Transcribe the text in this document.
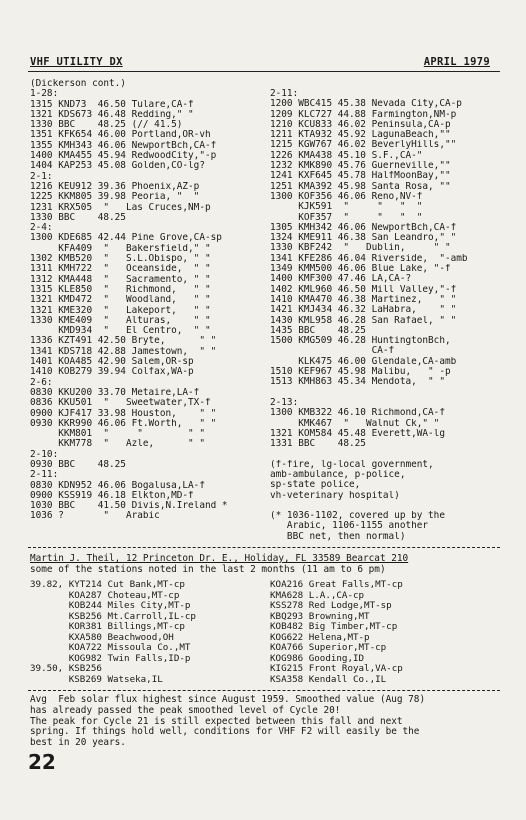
VHF UTILITY DX	APRIL 1979
(Dickerson cont.)
1-28:
1315 KND73  46.50 Tulare,CA-f
1321 KDS673 46.48 Redding," "
1330 BBC    48.25 (// 41.5)
1351 KFK654 46.00 Portland,OR-vh
1355 KMH343 46.06 NewportBch,CA-f
1400 KMA455 45.94 RedwoodCity,"-p
1404 KAP253 45.08 Golden,CO-lg?
2-1:
1216 KEU912 39.36 Phoenix,AZ-p
1225 KKM805 39.98 Peoria, "  "
1231 KRX505  "   Las Cruces,NM-p
1330 BBC    48.25
2-4:
1300 KDE685 42.44 Pine Grove,CA-sp
KFA409  "   Bakersfield," "
1302 KMB520  "   S.L.Obispo, " "
1311 KMH722  "   Oceanside,  " "
1312 KMA448  "   Sacramento, " "
1315 KLE850  "   Richmond,   " "
1321 KMD472  "   Woodland,   " "
1321 KME320  "   Lakeport,   " "
1330 KME409  "   Alturas,    " "
KMD934  "   El Centro,  " "
1336 KZT491 42.50 Bryte,      " "
1341 KDS718 42.88 Jamestown,  " "
1401 KOA485 42.90 Salem,OR-sp
1410 KOB279 39.94 Colfax,WA-p
2-6:
0830 KKU200 33.70 Metaire,LA-f
0836 KKU501  "   Sweetwater,TX-f
0900 KJF417 33.98 Houston,    " "
0930 KKR990 46.06 Ft.Worth,   " "
KKM801  "     "        " "
KKM778  "   Azle,      " "
2-10:
0930 BBC    48.25
2-11:
0830 KDN952 46.06 Bogalusa,LA-f
0900 KSS919 46.18 Elkton,MD-f
1030 BBC    41.50 Divis,N.Ireland *
1036 ?       "   Arabic
2-11:
1200 WBC415 45.38 Nevada City,CA-p
1209 KLC727 44.88 Farmington,NM-p
1210 KCU833 46.02 Peninsula,CA-p
1211 KTA932 45.92 LagunaBeach,""
1215 KGW767 46.02 BeverlyHills,""
1226 KMA438 45.10 S.F.,CA-"
1232 KMK890 45.76 Guerneville,""
1241 KXF645 45.78 HalfMoonBay,""
1251 KMA392 45.98 Santa Rosa, ""
1300 KOF356 46.06 Reno,NV-f
KJK591  "     "   "  "
KOF357  "     "   "  "
1305 KMH342 46.06 NewportBch,CA-f
1324 KME911 46.38 San Leandro," "
1330 KBF242  "   Dublin,     " "
1341 KFE286 46.04 Riverside,  "-amb
1349 KMM500 46.06 Blue Lake, "-f
1400 KMF300 47.46 LA,CA-?
1402 KML960 46.50 Mill Valley,"-f
1410 KMA470 46.38 Martinez,   " "
1421 KMJ434 46.32 LaHabra,    " "
1430 KML958 46.28 San Rafael, " "
1435 BBC    48.25
1500 KMG509 46.28 HuntingtonBch,
CA-f
KLK475 46.00 Glendale,CA-amb
1510 KEF967 45.98 Malibu,   " -p
1513 KMH863 45.34 Mendota,  " "

2-13:
1300 KMB322 46.10 Richmond,CA-f
KMK467  "   Walnut Ck," "
1321 KOM584 45.48 Everett,WA-lg
1331 BBC    48.25

(f-fire, lg-local government,
amb-ambulance, p-police,
sp-state police,
vh-veterinary hospital)

(* 1036-1102, covered up by the
Arabic, 1106-1155 another
BBC net, then normal)
Martin J. Theil, 12 Princeton Dr. E., Holiday, FL 33589 Bearcat 210
some of the stations noted in the last 2 months (11 am to 6 pm)
39.82, KYT214 Cut Bank,MT-cp
KOA287 Choteau,MT-cp
KOB244 Miles City,MT-p
KSB256 Mt.Carroll,IL-cp
KOR381 Billings,MT-cp
KXA580 Beachwood,OH
KOA722 Missoula Co.,MT
KOG982 Twin Falls,ID-p
39.50, KSB256
KSB269 Watseka,IL
KOA216 Great Falls,MT-cp
KMA628 L.A.,CA-cp
KSS278 Red Lodge,MT-sp
KBQ293 Browning,MT
KOB482 Big Timber,MT-cp
KOG622 Helena,MT-p
KOA766 Superior,MT-cp
KOG986 Gooding,ID
KIG215 Front Royal,VA-cp
KSA358 Kendall Co.,IL
Avg  Feb solar flux highest since August 1959. Smoothed value (Aug 78)
has already passed the peak smoothed level of Cycle 20!
The peak for Cycle 21 is still expected between this fall and next
spring. If things hold well, conditions for VHF F2 will easily be the
best in 20 years.
22
